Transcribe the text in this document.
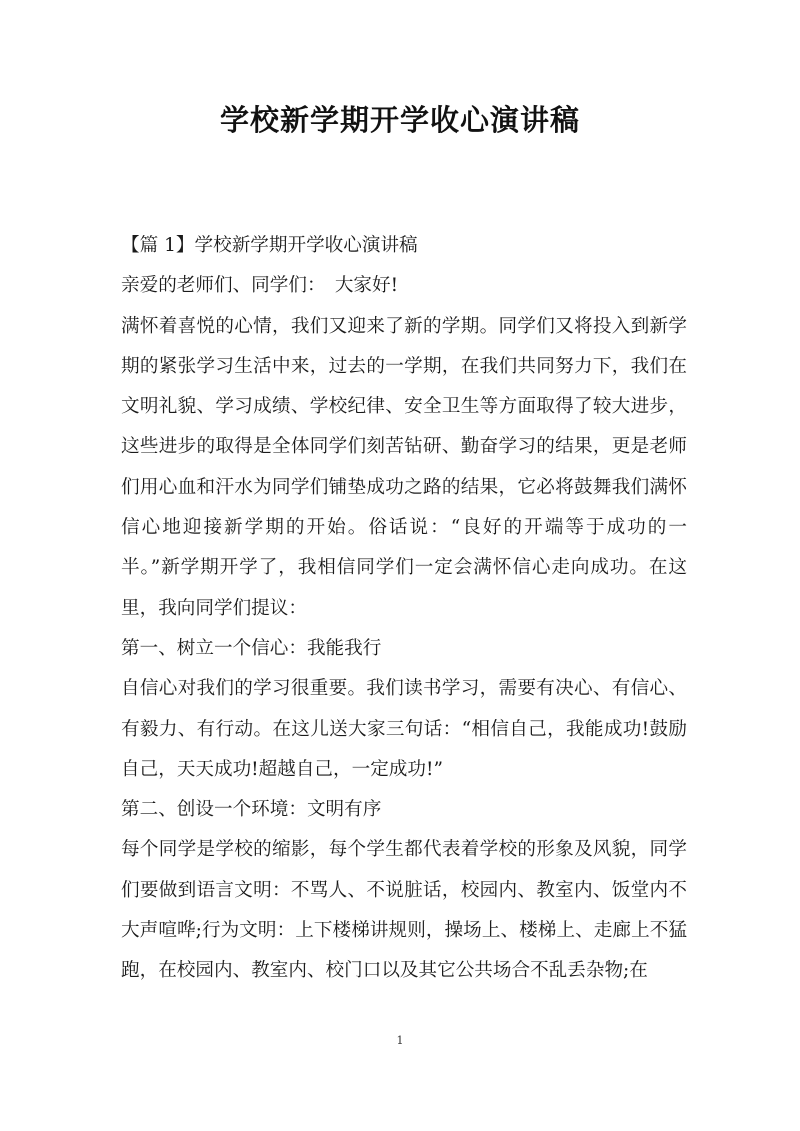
学校新学期开学收心演讲稿

【篇 1】学校新学期开学收心演讲稿

亲爱的老师们、同学们：　大家好!

满怀着喜悦的心情，我们又迎来了新的学期。同学们又将投入到新学期的紧张学习生活中来，过去的一学期，在我们共同努力下，我们在文明礼貌、学习成绩、学校纪律、安全卫生等方面取得了较大进步，这些进步的取得是全体同学们刻苦钻研、勤奋学习的结果，更是老师们用心血和汗水为同学们铺垫成功之路的结果，它必将鼓舞我们满怀信心地迎接新学期的开始。俗话说：“良好的开端等于成功的一半。”新学期开学了，我相信同学们一定会满怀信心走向成功。在这里，我向同学们提议：

第一、树立一个信心：我能我行

自信心对我们的学习很重要。我们读书学习，需要有决心、有信心、有毅力、有行动。在这儿送大家三句话：“相信自己，我能成功!鼓励自己，天天成功!超越自己，一定成功!”

第二、创设一个环境：文明有序

每个同学是学校的缩影，每个学生都代表着学校的形象及风貌，同学们要做到语言文明：不骂人、不说脏话，校园内、教室内、饭堂内不大声喧哗;行为文明：上下楼梯讲规则，操场上、楼梯上、走廊上不猛跑，在校园内、教室内、校门口以及其它公共场合不乱丢杂物;在

1
